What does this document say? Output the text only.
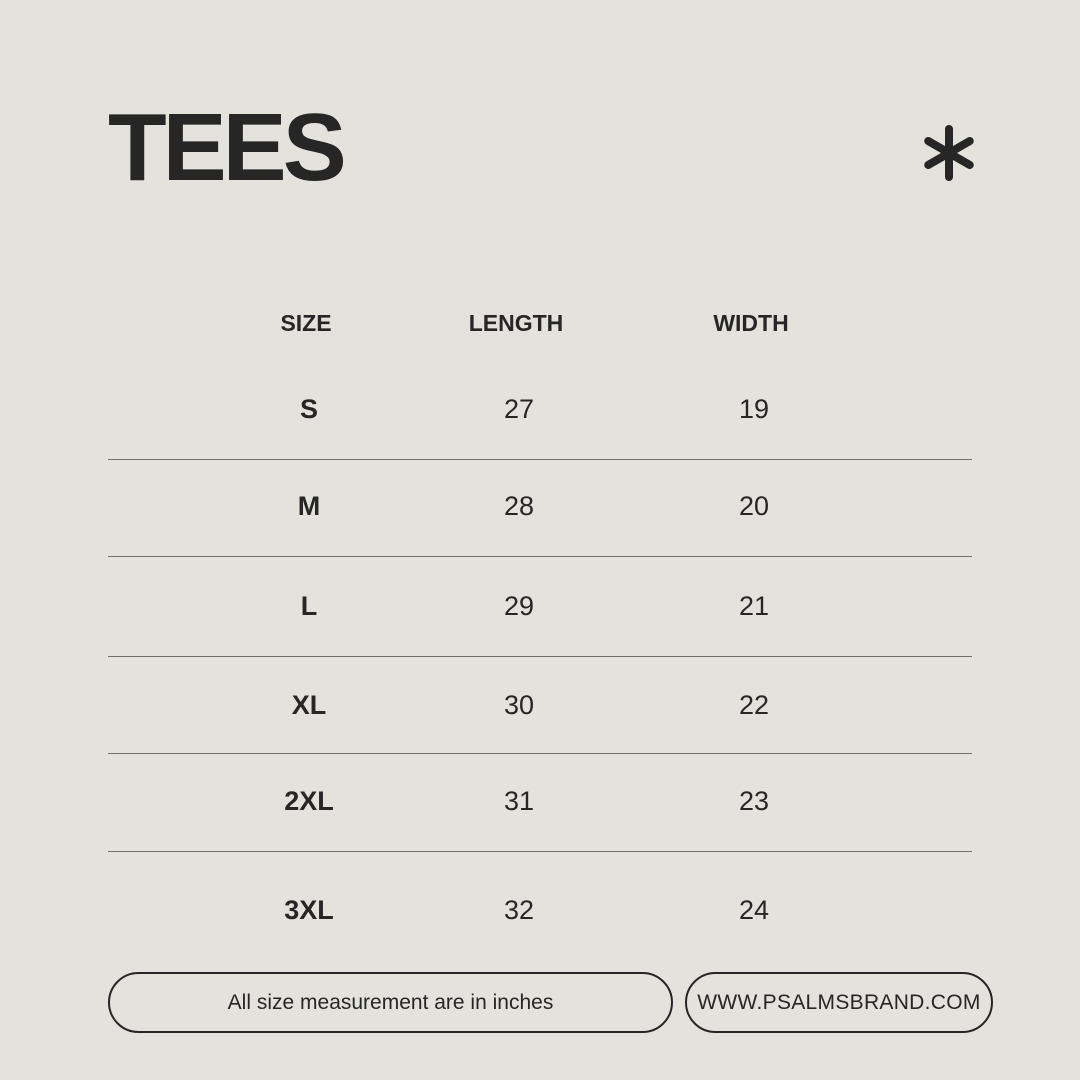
TEES
SIZE	LENGTH	WIDTH
S	27	19
M	28	20
L	29	21
XL	30	22
2XL	31	23
3XL	32	24
All size measurement are in inches	WWW.PSALMSBRAND.COM
